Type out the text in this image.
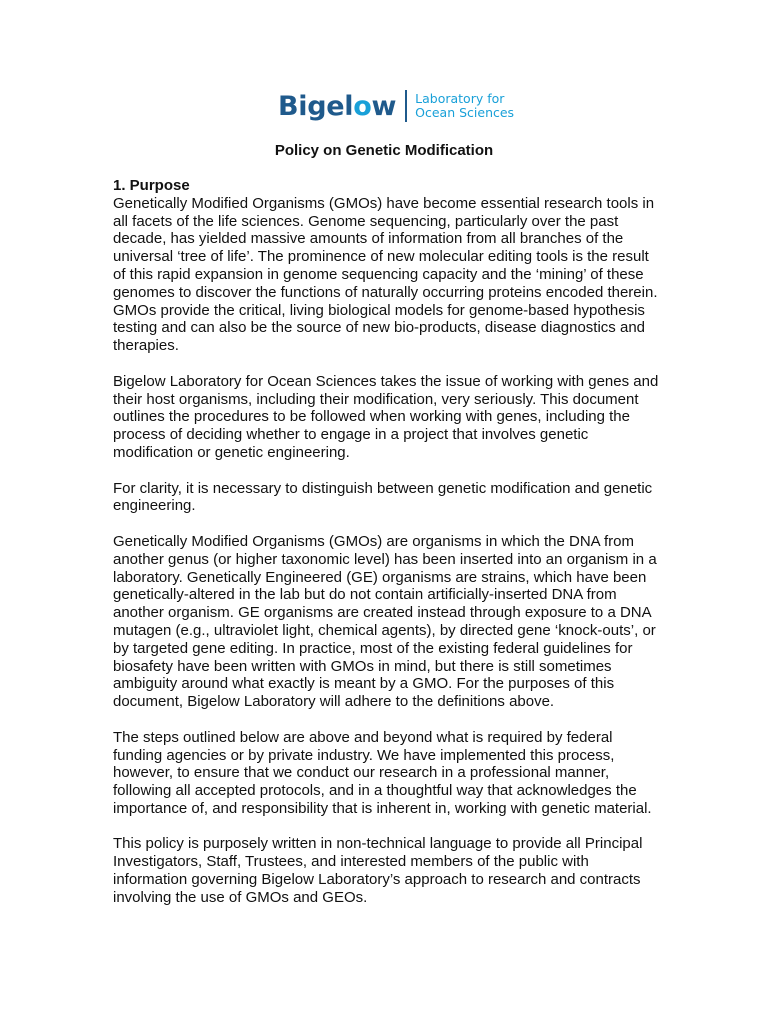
Bigelow Laboratory for
Ocean Sciences
Policy on Genetic Modification

1. Purpose

Genetically Modified Organisms (GMOs) have become essential research tools in all facets of the life sciences. Genome sequencing, particularly over the past decade, has yielded massive amounts of information from all branches of the universal ‘tree of life’. The prominence of new molecular editing tools is the result of this rapid expansion in genome sequencing capacity and the ‘mining’ of these genomes to discover the functions of naturally occurring proteins encoded therein. GMOs provide the critical, living biological models for genome-based hypothesis testing and can also be the source of new bio-products, disease diagnostics and therapies.

Bigelow Laboratory for Ocean Sciences takes the issue of working with genes and their host organisms, including their modification, very seriously. This document outlines the procedures to be followed when working with genes, including the process of deciding whether to engage in a project that involves genetic modification or genetic engineering.

For clarity, it is necessary to distinguish between genetic modification and genetic engineering.

Genetically Modified Organisms (GMOs) are organisms in which the DNA from another genus (or higher taxonomic level) has been inserted into an organism in a laboratory. Genetically Engineered (GE) organisms are strains, which have been genetically-altered in the lab but do not contain artificially-inserted DNA from another organism. GE organisms are created instead through exposure to a DNA mutagen (e.g., ultraviolet light, chemical agents), by directed gene ‘knock-outs’, or by targeted gene editing. In practice, most of the existing federal guidelines for biosafety have been written with GMOs in mind, but there is still sometimes ambiguity around what exactly is meant by a GMO. For the purposes of this document, Bigelow Laboratory will adhere to the definitions above.

The steps outlined below are above and beyond what is required by federal funding agencies or by private industry. We have implemented this process, however, to ensure that we conduct our research in a professional manner, following all accepted protocols, and in a thoughtful way that acknowledges the importance of, and responsibility that is inherent in, working with genetic material.

This policy is purposely written in non-technical language to provide all Principal Investigators, Staff, Trustees, and interested members of the public with information governing Bigelow Laboratory’s approach to research and contracts involving the use of GMOs and GEOs.
